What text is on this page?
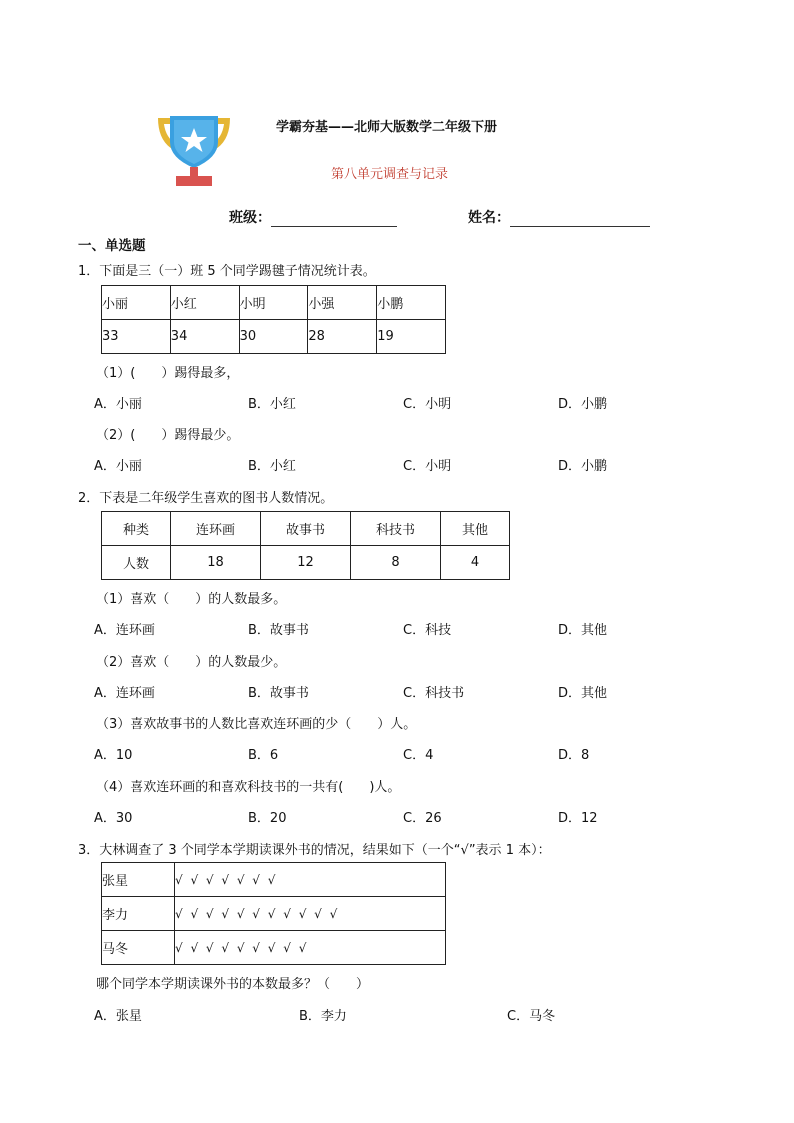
学霸夯基——北师大版数学二年级下册
第八单元调查与记录
班级：	姓名：
一、单选题
1．下面是三（一）班 5 个同学踢毽子情况统计表。
小丽	小红	小明	小强	小鹏
33	34	30	28	19
（1）(　　）踢得最多，
A．小丽	B．小红	C．小明	D．小鹏
（2）(　　）踢得最少。
A．小丽	B．小红	C．小明	D．小鹏
2．下表是二年级学生喜欢的图书人数情况。
种类	连环画	故事书	科技书	其他
人数	18	12	8	4
（1）喜欢（　　）的人数最多。
A．连环画	B．故事书	C．科技	D．其他
（2）喜欢（　　）的人数最少。
A．连环画	B．故事书	C．科技书	D．其他
（3）喜欢故事书的人数比喜欢连环画的少（　　）人。
A．10	B．6	C．4	D．8
（4）喜欢连环画的和喜欢科技书的一共有(　　)人。
A．30	B．20	C．26	D．12
3．大林调查了 3 个同学本学期读课外书的情况，结果如下（一个“√”表示 1 本）：
张星	√ √ √ √ √ √ √
李力	√ √ √ √ √ √ √ √ √ √ √
马冬	√ √ √ √ √ √ √ √ √
哪个同学本学期读课外书的本数最多？（　　）
A．张星	B．李力	C．马冬
